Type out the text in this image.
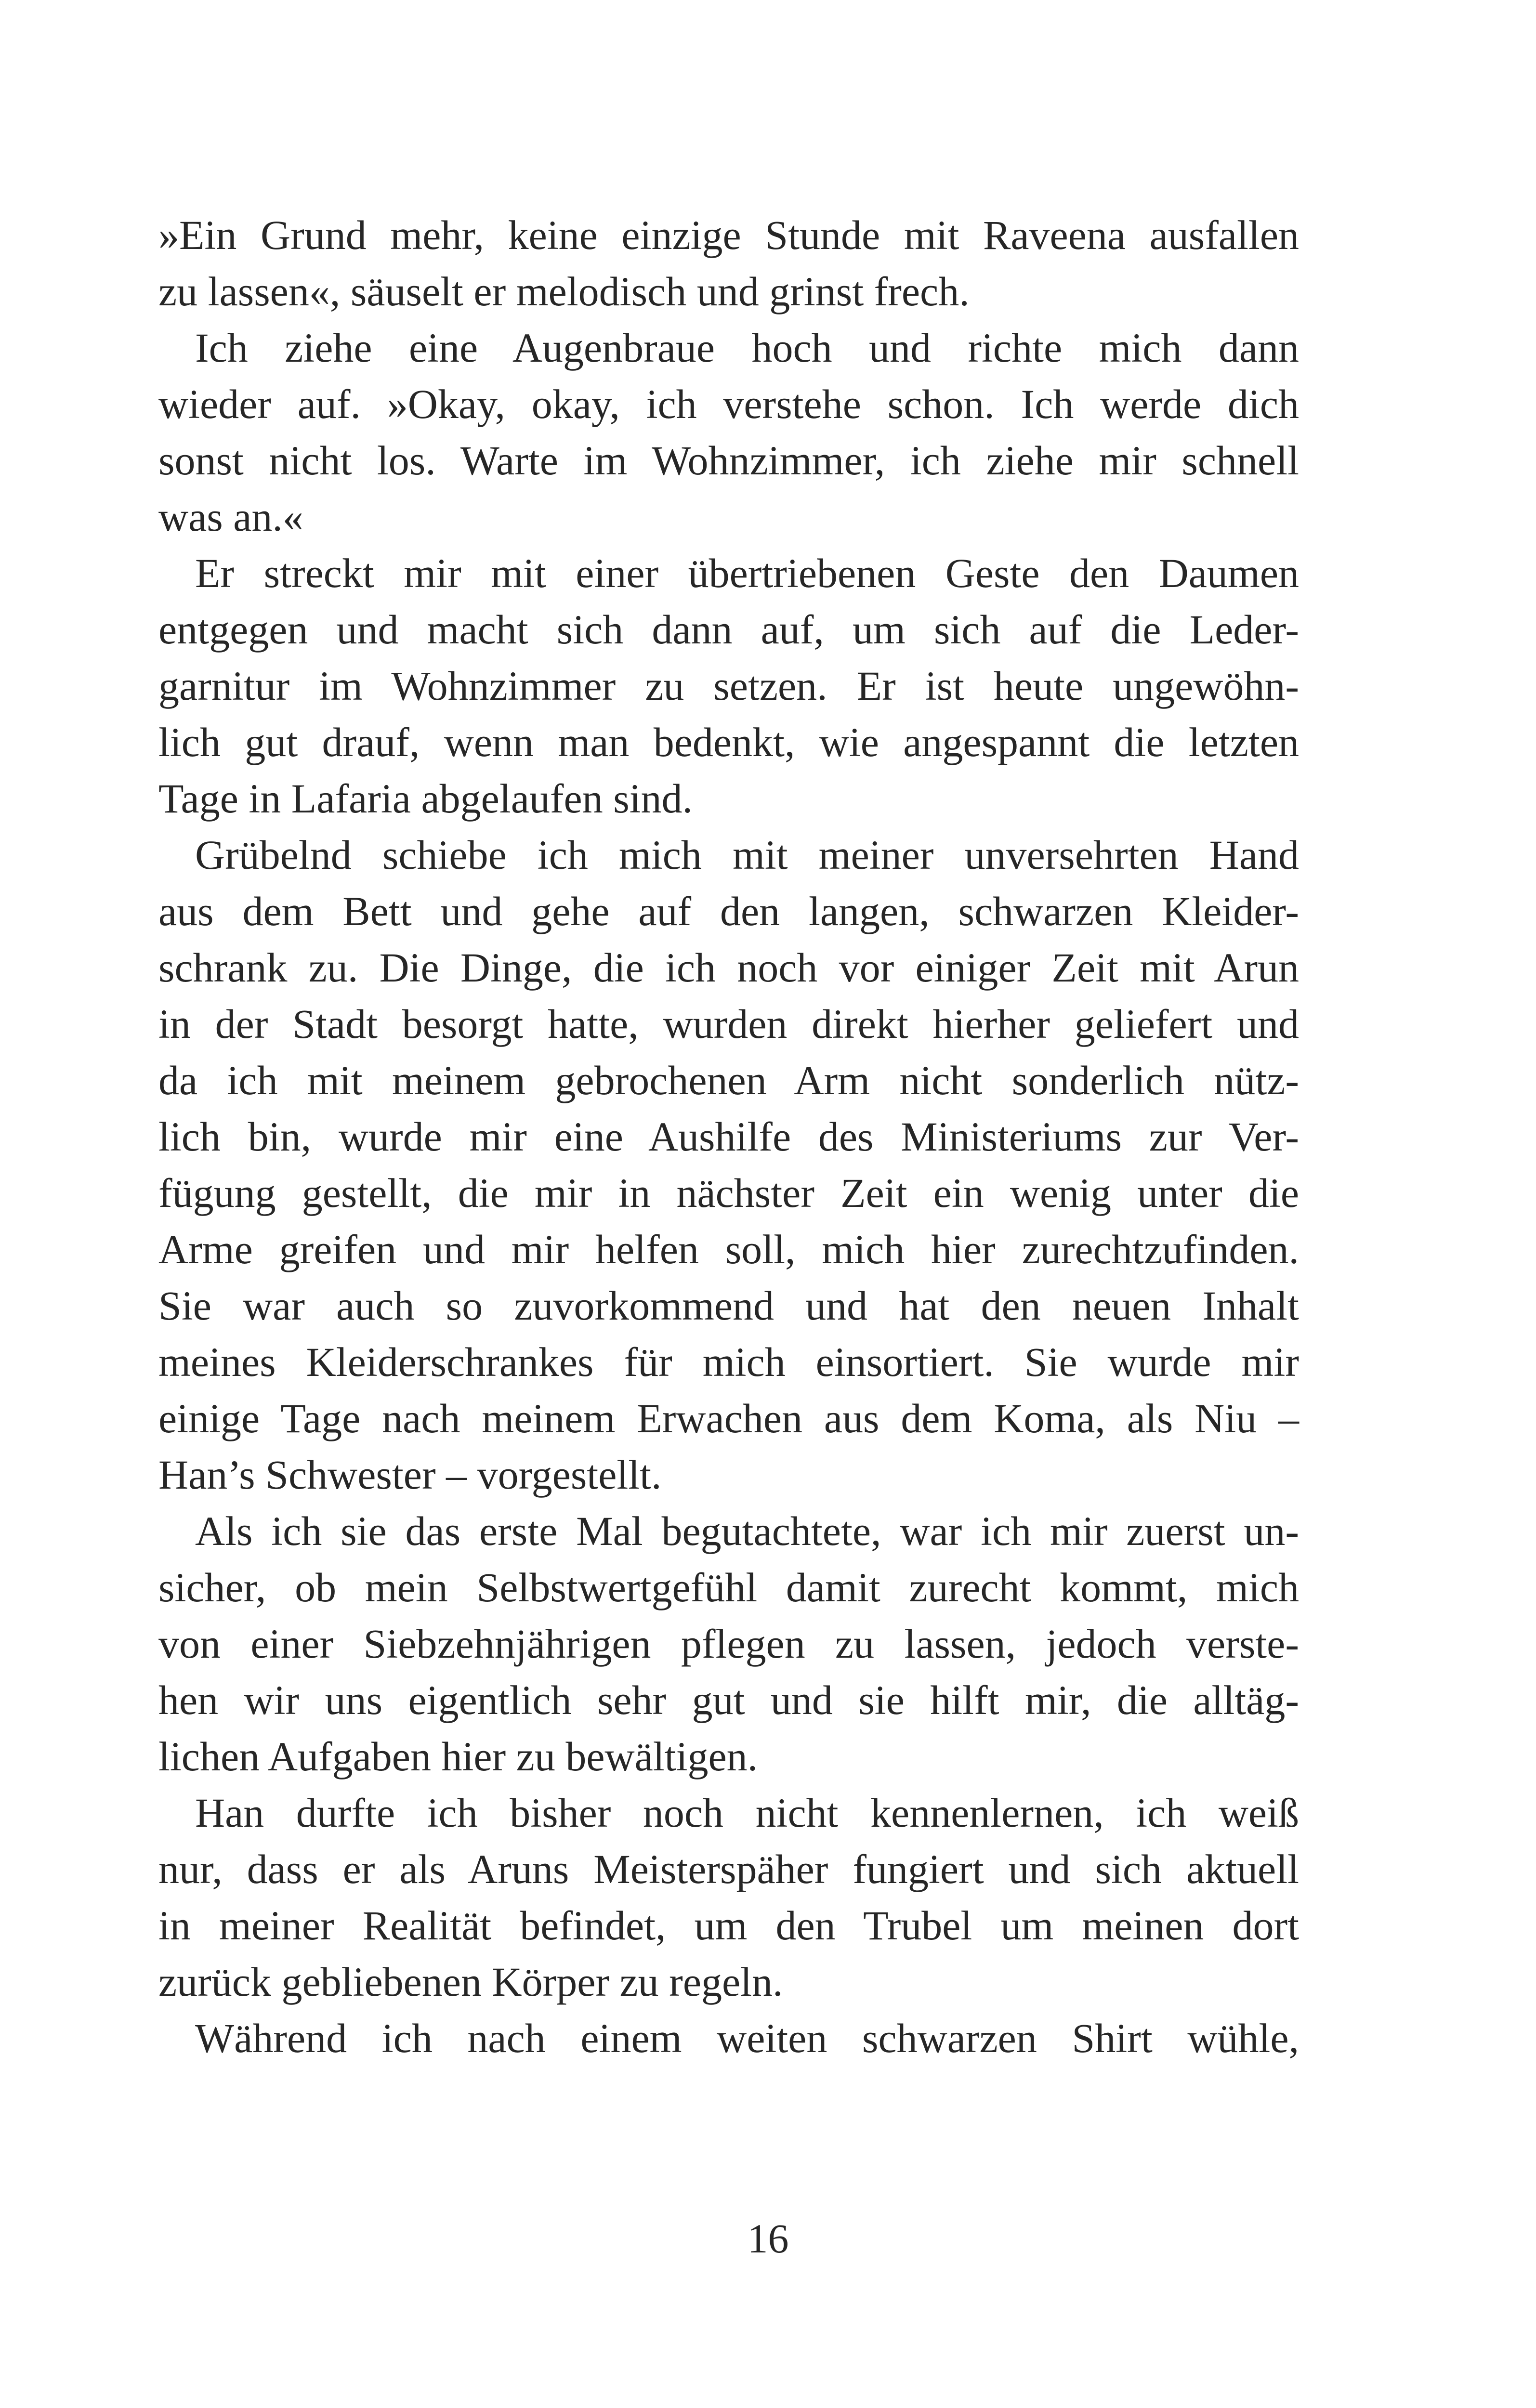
»Ein Grund mehr, keine einzige Stunde mit Raveena ausfallen
zu lassen«, säuselt er melodisch und grinst frech.
Ich ziehe eine Augenbraue hoch und richte mich dann
wieder auf. »Okay, okay, ich verstehe schon. Ich werde dich
sonst nicht los. Warte im Wohnzimmer, ich ziehe mir schnell
was an.«
Er streckt mir mit einer übertriebenen Geste den Daumen
entgegen und macht sich dann auf, um sich auf die Leder-
garnitur im Wohnzimmer zu setzen. Er ist heute ungewöhn-
lich gut drauf, wenn man bedenkt, wie angespannt die letzten
Tage in Lafaria abgelaufen sind.
Grübelnd schiebe ich mich mit meiner unversehrten Hand
aus dem Bett und gehe auf den langen, schwarzen Kleider-
schrank zu. Die Dinge, die ich noch vor einiger Zeit mit Arun
in der Stadt besorgt hatte, wurden direkt hierher geliefert und
da ich mit meinem gebrochenen Arm nicht sonderlich nütz-
lich bin, wurde mir eine Aushilfe des Ministeriums zur Ver-
fügung gestellt, die mir in nächster Zeit ein wenig unter die
Arme greifen und mir helfen soll, mich hier zurechtzufinden.
Sie war auch so zuvorkommend und hat den neuen Inhalt
meines Kleiderschrankes für mich einsortiert. Sie wurde mir
einige Tage nach meinem Erwachen aus dem Koma, als Niu –
Han’s Schwester – vorgestellt.
Als ich sie das erste Mal begutachtete, war ich mir zuerst un-
sicher, ob mein Selbstwertgefühl damit zurecht kommt, mich
von einer Siebzehnjährigen pflegen zu lassen, jedoch verste-
hen wir uns eigentlich sehr gut und sie hilft mir, die alltäg-
lichen Aufgaben hier zu bewältigen.
Han durfte ich bisher noch nicht kennenlernen, ich weiß
nur, dass er als Aruns Meisterspäher fungiert und sich aktuell
in meiner Realität befindet, um den Trubel um meinen dort
zurück gebliebenen Körper zu regeln.
Während ich nach einem weiten schwarzen Shirt wühle,
16
